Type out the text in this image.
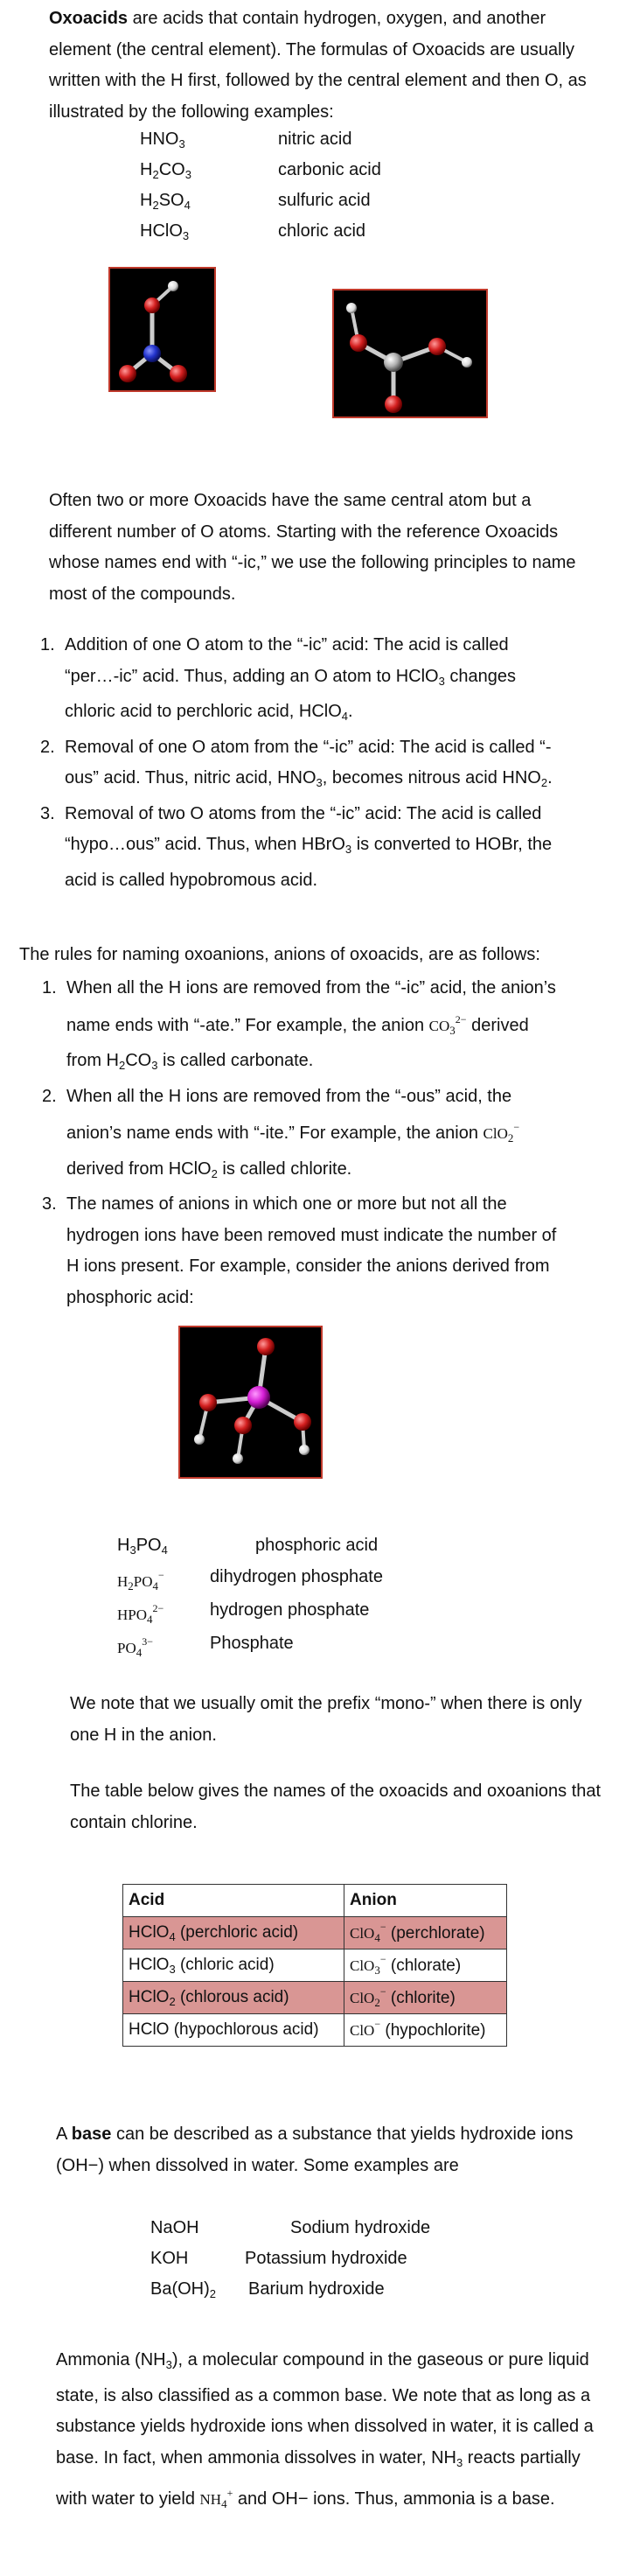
Oxoacids are acids that contain hydrogen, oxygen, and another
element (the central element). The formulas of Oxoacids are usually
written with the H first, followed by the central element and then O, as
illustrated by the following examples:
$HNO_3$	nitric acid
$H_2CO_3$	carbonic acid
$H_2SO_4$	sulfuric acid
HClO$_3$	chloric acid
Often two or more Oxoacids have the same central atom but a
different number of O atoms. Starting with the reference Oxoacids
whose names end with “-ic,” we use the following principles to name
most of the compounds.
1. Addition of one O atom to the “-ic” acid: The acid is called
“per…-ic” acid. Thus, adding an O atom to HClO$_3$ changes
chloric acid to perchloric acid, HClO$_4$.
2. Removal of one O atom from the “-ic” acid: The acid is called “-
ous” acid. Thus, nitric acid, $HNO_3$, becomes nitrous acid $HNO_2$.
3. Removal of two O atoms from the “-ic” acid: The acid is called
“hypo…ous” acid. Thus, when HBrO$_3$ is converted to HOBr, the
acid is called hypobromous acid.
The rules for naming oxoanions, anions of oxoacids, are as follows:
1. When all the H ions are removed from the “-ic” acid, the anion’s
name ends with “-ate.” For example, the anion $CO_3^{2-}$ derived
from $H_2CO_3$ is called carbonate.
2. When all the H ions are removed from the “-ous” acid, the
anion’s name ends with “-ite.” For example, the anion ClO$_2$−
derived from HClO$_2$ is called chlorite.
3. The names of anions in which one or more but not all the
hydrogen ions have been removed must indicate the number of
H ions present. For example, consider the anions derived from
phosphoric acid:
$H_3PO_4$	phosphoric acid
$H_2PO_4^-$	dihydrogen phosphate
$HPO_4^{2-}$	hydrogen phosphate
$PO_4^{3-}$	Phosphate
We note that we usually omit the prefix “mono-” when there is only
one H in the anion.
The table below gives the names of the oxoacids and oxoanions that
contain chlorine.
Acid	Anion
HClO$_4$ (perchloric acid)	ClO$_4$− (perchlorate)
HClO$_3$ (chloric acid)	ClO$_3$− (chlorate)
HClO$_2$ (chlorous acid)	ClO$_2$− (chlorite)
HClO (hypochlorous acid)	ClO− (hypochlorite)
A base can be described as a substance that yields hydroxide ions
(OH−) when dissolved in water. Some examples are
NaOH	Sodium hydroxide
KOH	Potassium hydroxide
$Ba(OH)_2$ Barium hydroxide
Ammonia $(NH_3)$, a molecular compound in the gaseous or pure liquid
state, is also classified as a common base. We note that as long as a
substance yields hydroxide ions when dissolved in water, it is called a
base. In fact, when ammonia dissolves in water, $NH_3$ reacts partially
with water to yield $NH_4^+$ and OH− ions. Thus, ammonia is a base.
